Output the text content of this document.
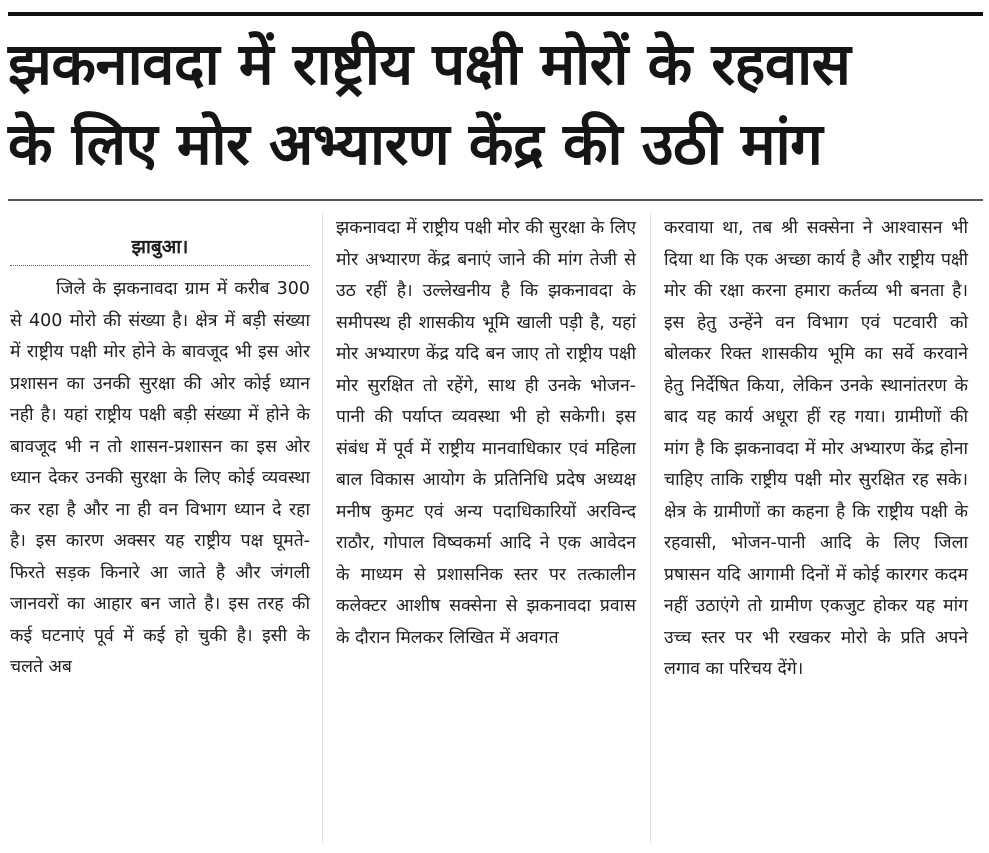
झकनावदा में राष्ट्रीय पक्षी मोरों के रहवास
के लिए मोर अभ्यारण केंद्र की उठी मांग
झाबुआ।

जिले के झकनावदा ग्राम में करीब 300 से 400 मोरो की संख्या है। क्षेत्र में बड़ी संख्या में राष्ट्रीय पक्षी मोर होने के बावजूद भी इस ओर प्रशासन का उनकी सुरक्षा की ओर कोई ध्यान नही है। यहां राष्ट्रीय पक्षी बड़ी संख्या में होने के बावजूद भी न तो शासन-प्रशासन का इस ओर ध्यान देकर उनकी सुरक्षा के लिए कोई व्यवस्था कर रहा है और ना ही वन विभाग ध्यान दे रहा है। इस कारण अक्सर यह राष्ट्रीय पक्ष घूमते-फिरते सड़क किनारे आ जाते है और जंगली जानवरों का आहार बन जाते है। इस तरह की कई घटनाएं पूर्व में कई हो चुकी है। इसी के चलते अब

झकनावदा में राष्ट्रीय पक्षी मोर की सुरक्षा के लिए मोर अभ्यारण केंद्र बनाएं जाने की मांग तेजी से उठ रहीं है। उल्लेखनीय है कि झकनावदा के समीपस्थ ही शासकीय भूमि खाली पड़ी है, यहां मोर अभ्यारण केंद्र यदि बन जाए तो राष्ट्रीय पक्षी मोर सुरक्षित तो रहेंगे, साथ ही उनके भोजन-पानी की पर्याप्त व्यवस्था भी हो सकेगी। इस संबंध में पूर्व में राष्ट्रीय मानवाधिकार एवं महिला बाल विकास आयोग के प्रतिनिधि प्रदेष अध्यक्ष मनीष कुमट एवं अन्य पदाधिकारियों अरविन्द राठौर, गोपाल विष्वकर्मा आदि ने एक आवेदन के माध्यम से प्रशासनिक स्तर पर तत्कालीन कलेक्टर आशीष सक्सेना से झकनावदा प्रवास के दौरान मिलकर लिखित में अवगत

करवाया था, तब श्री सक्सेना ने आश्वासन भी दिया था कि एक अच्छा कार्य है और राष्ट्रीय पक्षी मोर की रक्षा करना हमारा कर्तव्य भी बनता है। इस हेतु उन्हेंने वन विभाग एवं पटवारी को बोलकर रिक्त शासकीय भूमि का सर्वे करवाने हेतु निर्देषित किया, लेकिन उनके स्थानांतरण के बाद यह कार्य अधूरा हीं रह गया। ग्रामीणों की मांग है कि झकनावदा में मोर अभ्यारण केंद्र होना चाहिए ताकि राष्ट्रीय पक्षी मोर सुरक्षित रह सके। क्षेत्र के ग्रामीणों का कहना है कि राष्ट्रीय पक्षी के रहवासी, भोजन-पानी आदि के लिए जिला प्रषासन यदि आगामी दिनों में कोई कारगर कदम नहीं उठाएंगे तो ग्रामीण एकजुट होकर यह मांग उच्च स्तर पर भी रखकर मोरो के प्रति अपने लगाव का परिचय देंगे।
